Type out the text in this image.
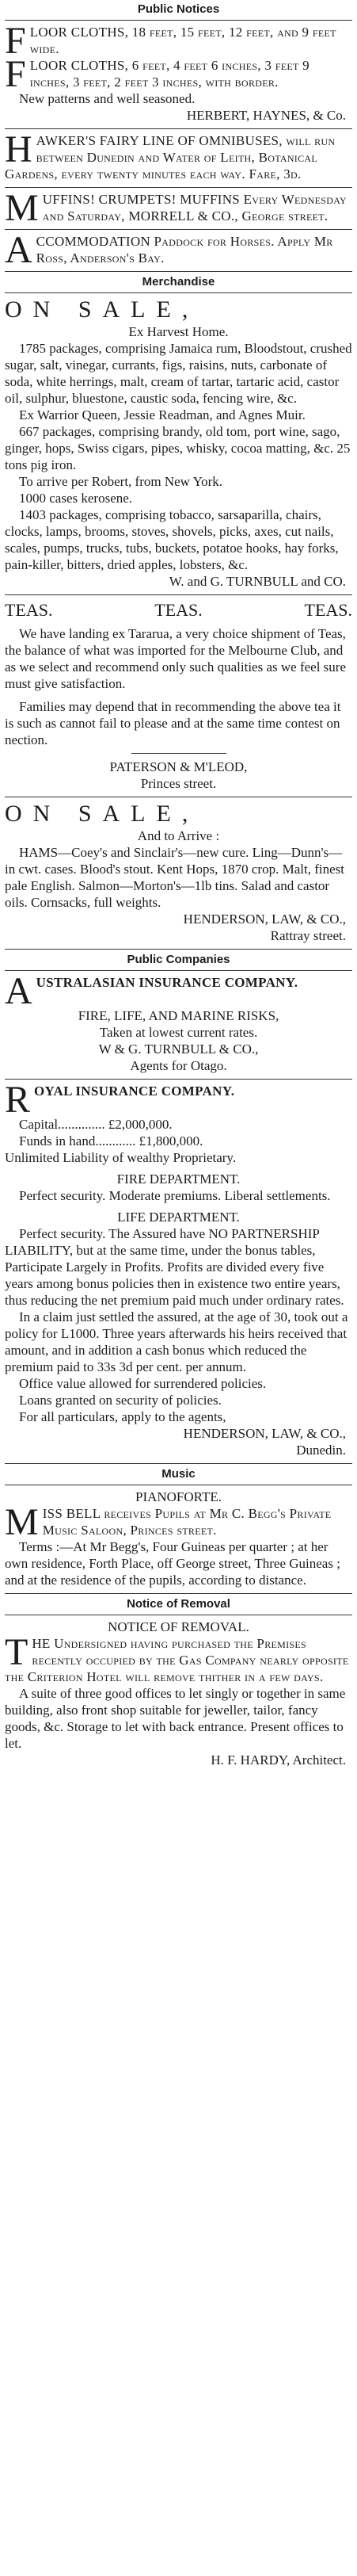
Public Notices

FLOOR CLOTHS, 18 feet, 15 feet, 12 feet, and 9 feet wide.

FLOOR CLOTHS, 6 feet, 4 feet 6 inches, 3 feet 9 inches, 3 feet, 2 feet 3 inches, with border.

New patterns and well seasoned.

HERBERT, HAYNES, & Co.

HAWKER'S FAIRY LINE OF OMNIBUSES, will run between Dunedin and Water of Leith, Botanical Gardens, every twenty minutes each way. Fare, 3d.

MUFFINS! CRUMPETS! MUFFINS Every Wednesday and Saturday, MORRELL & CO., George street.

ACCOMMODATION Paddock for Horses. Apply Mr Ross, Anderson's Bay.

Merchandise

ON SALE,

Ex Harvest Home.

1785 packages, comprising Jamaica rum, Bloodstout, crushed sugar, salt, vinegar, currants, figs, raisins, nuts, carbonate of soda, white herrings, malt, cream of tartar, tartaric acid, castor oil, sulphur, bluestone, caustic soda, fencing wire, &c.

Ex Warrior Queen, Jessie Readman, and Agnes Muir.

667 packages, comprising brandy, old tom, port wine, sago, ginger, hops, Swiss cigars, pipes, whisky, cocoa matting, &c. 25 tons pig iron.

To arrive per Robert, from New York.

1000 cases kerosene.

1403 packages, comprising tobacco, sarsaparilla, chairs, clocks, lamps, brooms, stoves, shovels, picks, axes, cut nails, scales, pumps, trucks, tubs, buckets, potatoe hooks, hay forks, pain-killer, bitters, dried apples, lobsters, &c.

W. and G. TURNBULL and CO.

TEAS.	TEAS.	TEAS.

We have landing ex Tararua, a very choice shipment of Teas, the balance of what was imported for the Melbourne Club, and as we select and recommend only such qualities as we feel sure must give satisfaction.

Families may depend that in recommending the above tea it is such as cannot fail to please and at the same time contest on nection.

PATERSON & M'LEOD,

Princes street.

ON SALE,

And to Arrive :

HAMS—Coey's and Sinclair's—new cure. Ling—Dunn's—in cwt. cases. Blood's stout. Kent Hops, 1870 crop. Malt, finest pale English. Salmon—Morton's—1lb tins. Salad and castor oils. Cornsacks, full weights.

HENDERSON, LAW, & CO.,

Rattray street.

Public Companies

AUSTRALASIAN INSURANCE COMPANY.

FIRE, LIFE, AND MARINE RISKS,

Taken at lowest current rates.

W & G. TURNBULL & CO.,

Agents for Otago.

ROYAL INSURANCE COMPANY.

Capital.............. £2,000,000.

Funds in hand............ £1,800,000.

Unlimited Liability of wealthy Proprietary.

FIRE DEPARTMENT.

Perfect security. Moderate premiums. Liberal settlements.

LIFE DEPARTMENT.

Perfect security. The Assured have NO PARTNERSHIP LIABILITY, but at the same time, under the bonus tables, Participate Largely in Profits. Profits are divided every five years among bonus policies then in existence two entire years, thus reducing the net premium paid much under ordinary rates.

In a claim just settled the assured, at the age of 30, took out a policy for L1000. Three years afterwards his heirs received that amount, and in addition a cash bonus which reduced the premium paid to 33s 3d per cent. per annum.

Office value allowed for surrendered policies.

Loans granted on security of policies.

For all particulars, apply to the agents,

HENDERSON, LAW, & CO.,

Dunedin.

Music

PIANOFORTE.

MISS BELL receives Pupils at Mr C. Begg's Private Music Saloon, Princes street.

Terms :—At Mr Begg's, Four Guineas per quarter ; at her own residence, Forth Place, off George street, Three Guineas ; and at the residence of the pupils, according to distance.

Notice of Removal

NOTICE OF REMOVAL.

THE Undersigned having purchased the Premises recently occupied by the Gas Company nearly opposite the Criterion Hotel will remove thither in a few days.

A suite of three good offices to let singly or together in same building, also front shop suitable for jeweller, tailor, fancy goods, &c. Storage to let with back entrance. Present offices to let.

H. F. HARDY, Architect.
